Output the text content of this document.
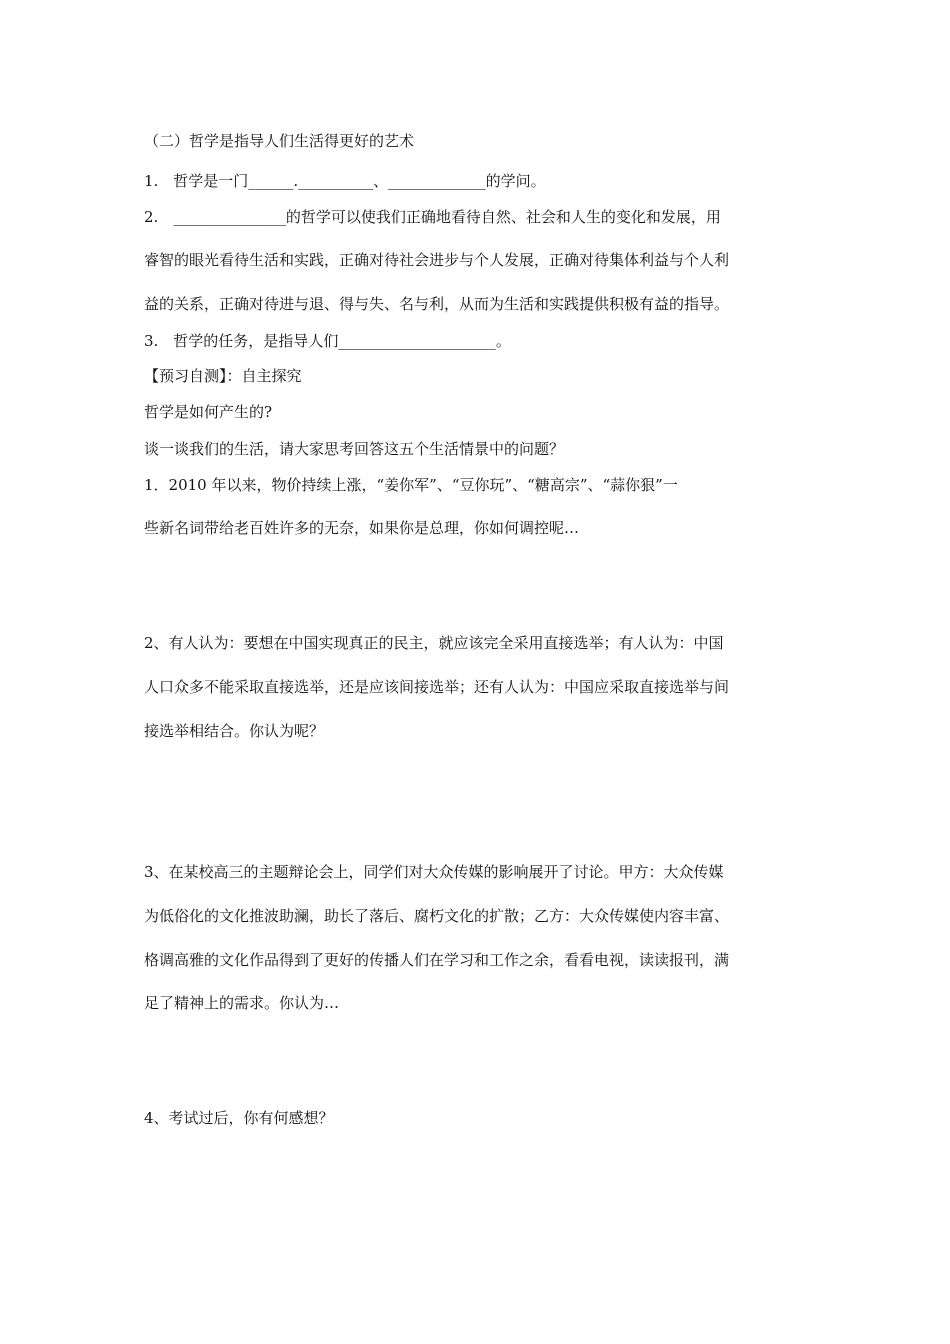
（二）哲学是指导人们生活得更好的艺术
1.　哲学是一门______.__________、_____________的学问。
2.　_______________的哲学可以使我们正确地看待自然、社会和人生的变化和发展，用
睿智的眼光看待生活和实践，正确对待社会进步与个人发展，正确对待集体利益与个人利
益的关系，正确对待进与退、得与失、名与利，从而为生活和实践提供积极有益的指导。
3.　哲学的任务，是指导人们_____________________。
【预习自测】：自主探究
哲学是如何产生的?
谈一谈我们的生活，请大家思考回答这五个生活情景中的问题？
1．2010 年以来，物价持续上涨，“姜你军”、“豆你玩”、“糖高宗”、“蒜你狠”一
些新名词带给老百姓许多的无奈，如果你是总理，你如何调控呢…
2、有人认为：要想在中国实现真正的民主，就应该完全采用直接选举；有人认为：中国
人口众多不能采取直接选举，还是应该间接选举；还有人认为：中国应采取直接选举与间
接选举相结合。你认为呢？
3、在某校高三的主题辩论会上，同学们对大众传媒的影响展开了讨论。甲方：大众传媒
为低俗化的文化推波助澜，助长了落后、腐朽文化的扩散；乙方：大众传媒使内容丰富、
格调高雅的文化作品得到了更好的传播人们在学习和工作之余，看看电视，读读报刊，满
足了精神上的需求。你认为…
4、考试过后，你有何感想？
